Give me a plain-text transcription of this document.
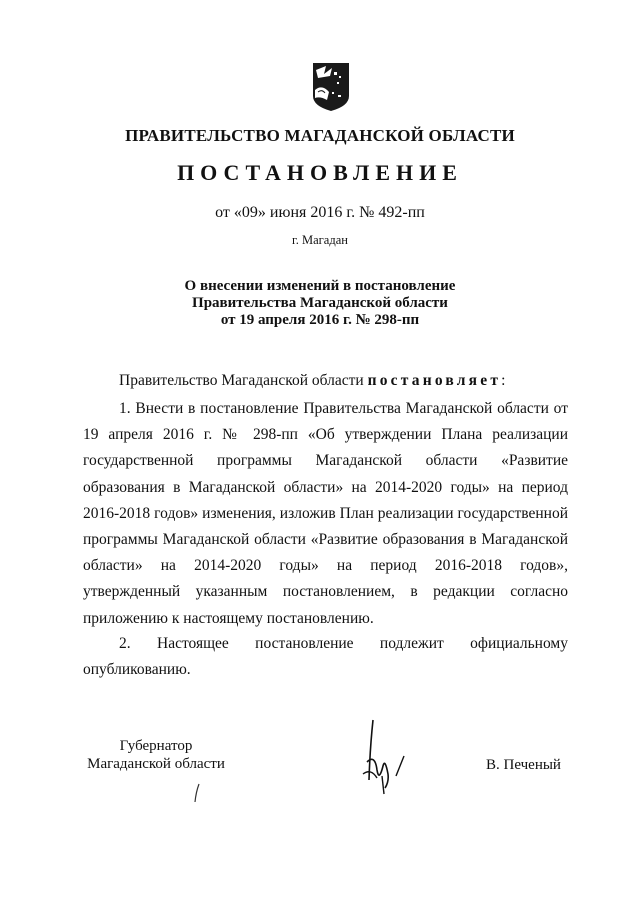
ПРАВИТЕЛЬСТВО МАГАДАНСКОЙ ОБЛАСТИ
ПОСТАНОВЛЕНИЕ
от «09» июня 2016 г. № 492-пп
г. Магадан
О внесении изменений в постановление
Правительства Магаданской области
от 19 апреля 2016 г. № 298-пп
Правительство Магаданской области постановляет:
1. Внести в постановление Правительства Магаданской области от 19 апреля 2016 г. № 298-пп «Об утверждении Плана реализации государственной программы Магаданской области «Развитие образования в Магаданской области» на 2014-2020 годы» на период 2016-2018 годов» изменения, изложив План реализации государственной программы Магаданской области «Развитие образования в Магаданской области» на 2014-2020 годы» на период 2016-2018 годов», утвержденный указанным постановлением, в редакции согласно приложению к настоящему постановлению.
2. Настоящее постановление подлежит официальному опубликованию.
Губернатор
Магаданской области	В. Печеный
